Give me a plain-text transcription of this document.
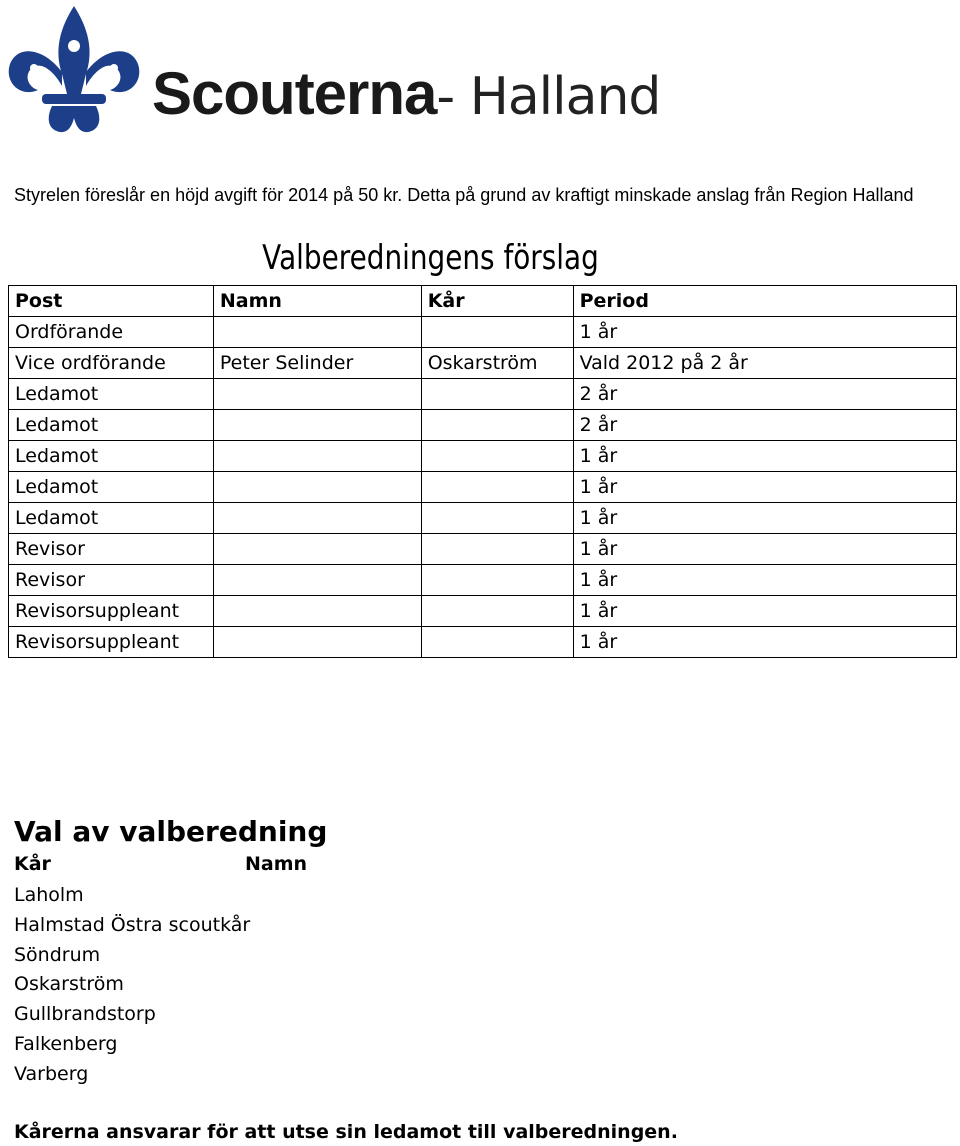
Scouterna- Halland
Styrelen föreslår en höjd avgift för 2014 på 50 kr. Detta på grund av kraftigt minskade anslag från Region Halland
Valberedningens förslag
Post	Namn	Kår	Period
Ordförande			1 år
Vice ordförande	Peter Selinder	Oskarström	Vald 2012 på 2 år
Ledamot			2 år
Ledamot			2 år
Ledamot			1 år
Ledamot			1 år
Ledamot			1 år
Revisor			1 år
Revisor			1 år
Revisorsuppleant			1 år
Revisorsuppleant			1 år
Val av valberedning
Kår	Namn
Laholm
Halmstad Östra scoutkår
Söndrum
Oskarström
Gullbrandstorp
Falkenberg
Varberg
Kårerna ansvarar för att utse sin ledamot till valberedningen.
